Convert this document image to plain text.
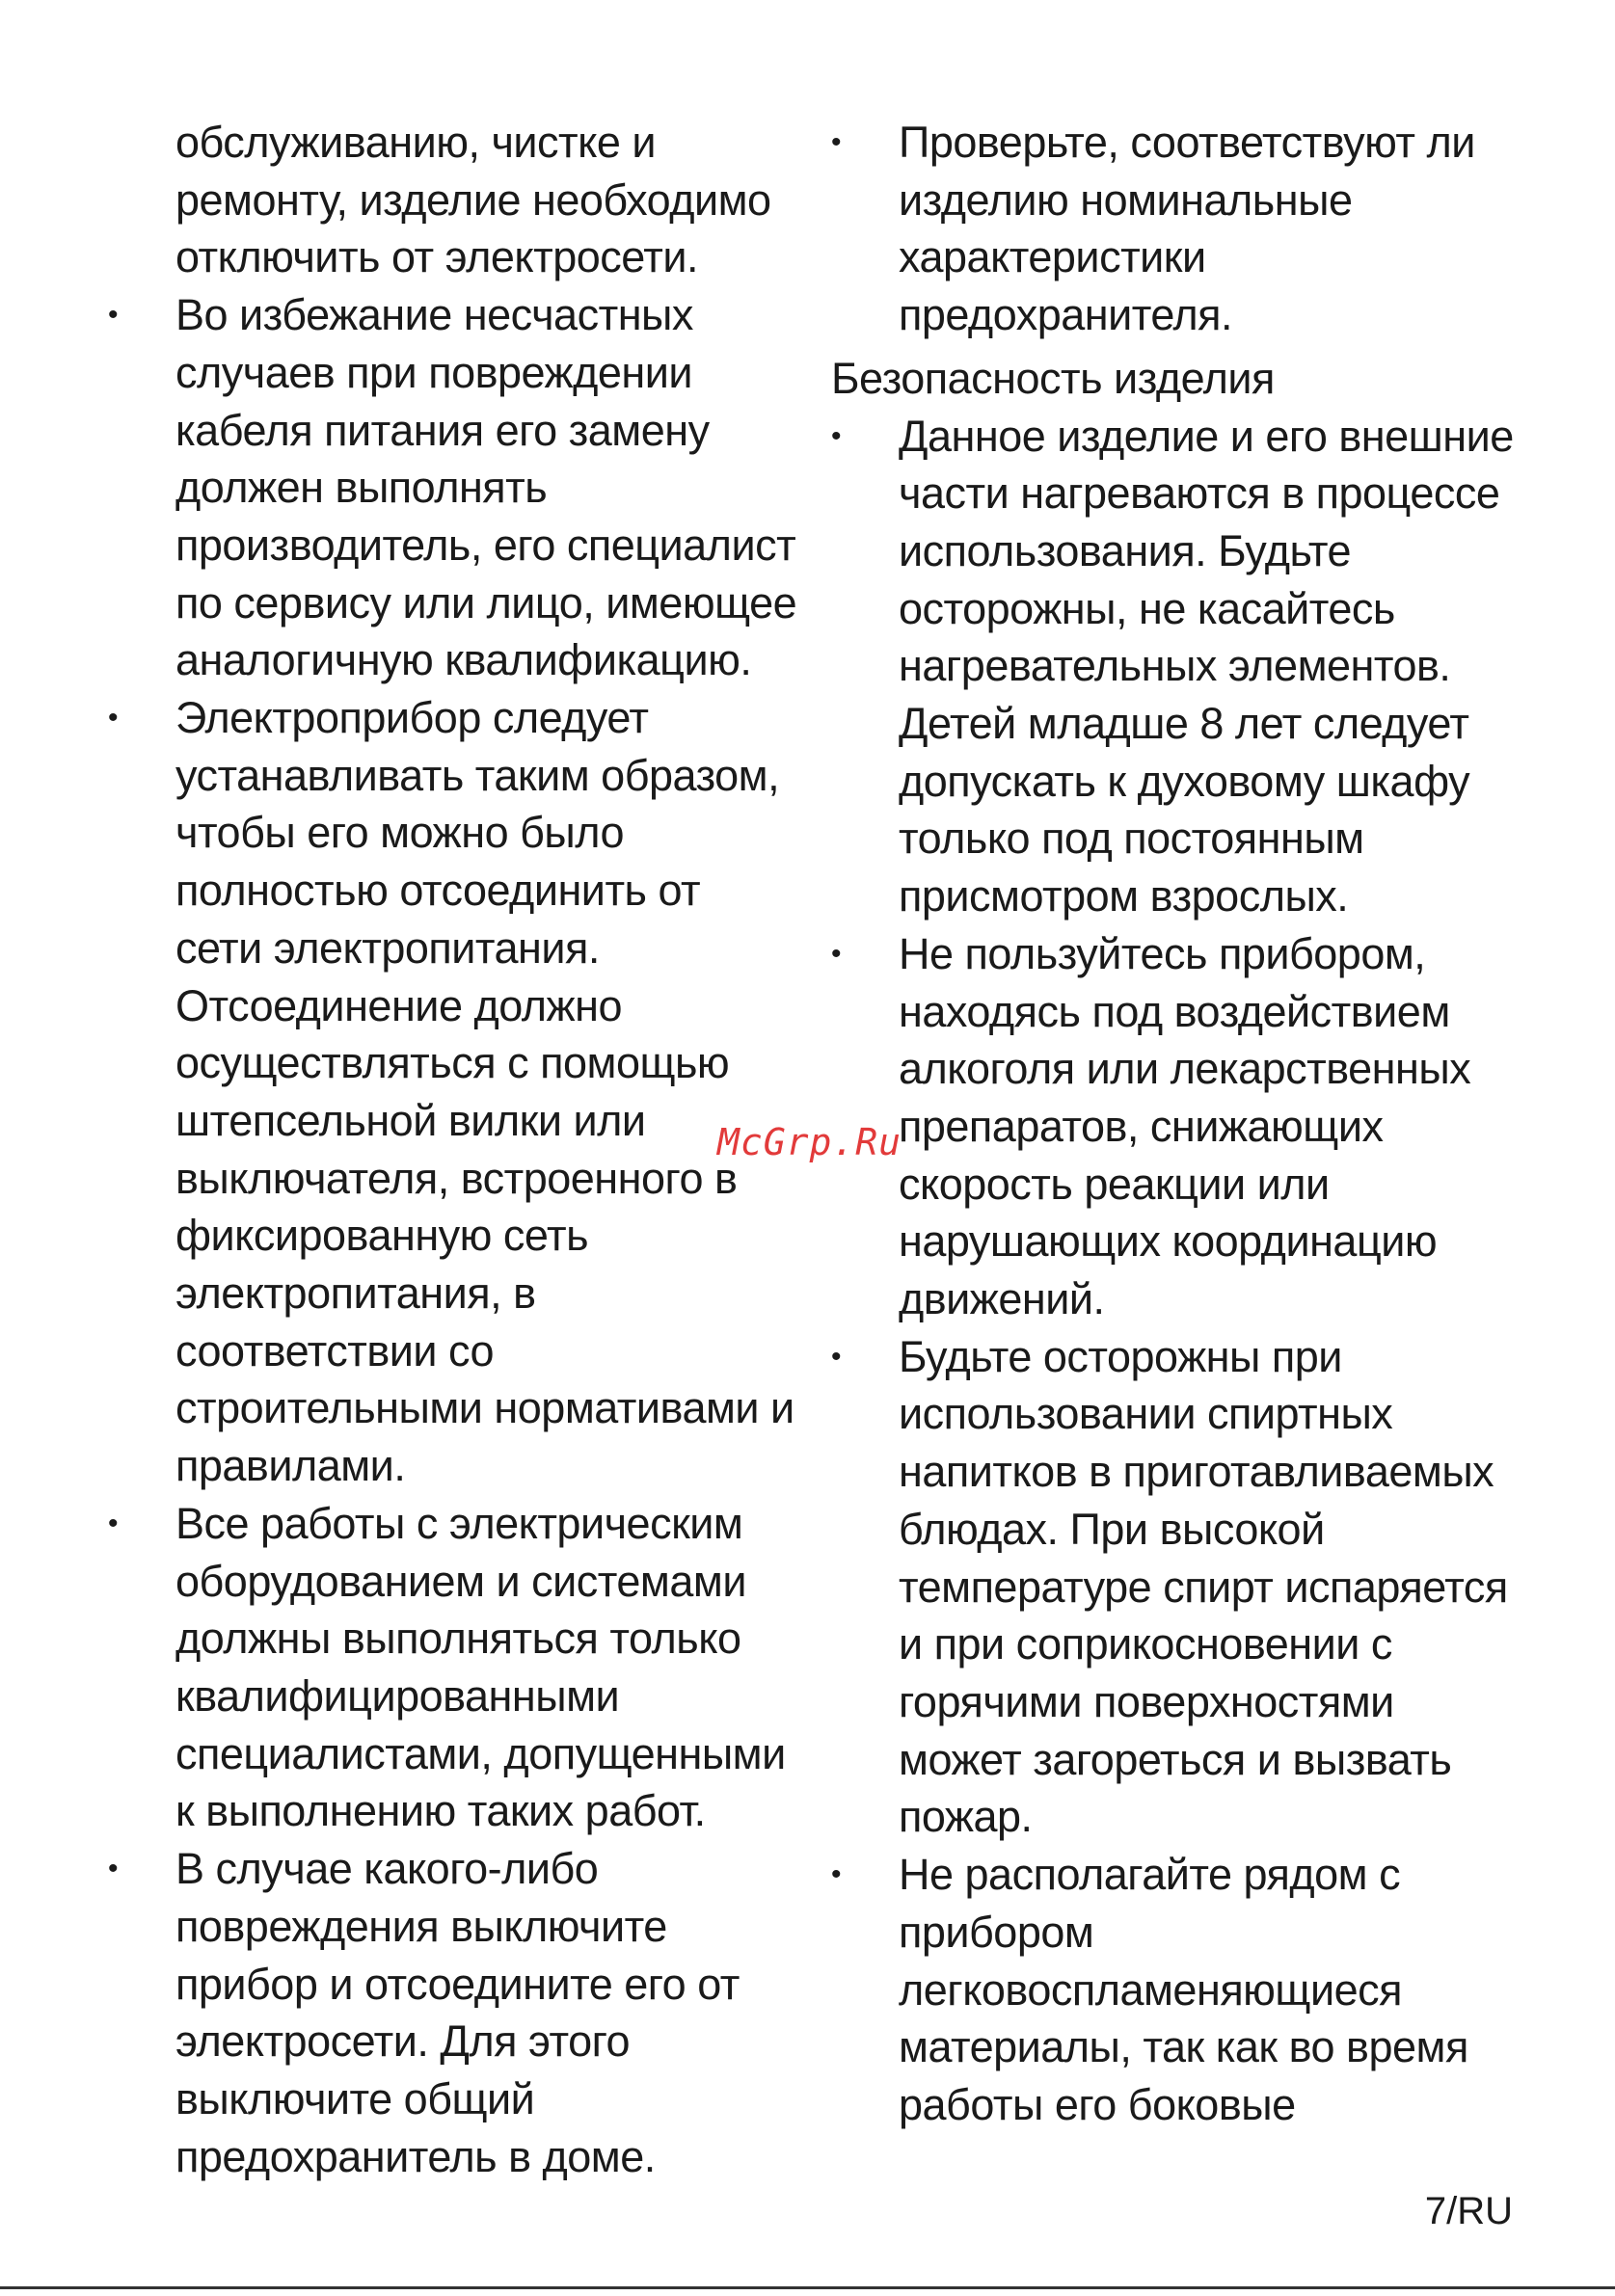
обслуживанию, чистке и
ремонту, изделие необходимо
отключить от электросети.
•	Во избежание несчастных
случаев при повреждении
кабеля питания его замену
должен выполнять
производитель, его специалист
по сервису или лицо, имеющее
аналогичную квалификацию.
•	Электроприбор следует
устанавливать таким образом,
чтобы его можно было
полностью отсоединить от
сети электропитания.
Отсоединение должно
осуществляться с помощью
штепсельной вилки или
выключателя, встроенного в
фиксированную сеть
электропитания, в
соответствии со
строительными нормативами и
правилами.
•	Все работы с электрическим
оборудованием и системами
должны выполняться только
квалифицированными
специалистами, допущенными
к выполнению таких работ.
•	В случае какого-либо
повреждения выключите
прибор и отсоедините его от
электросети. Для этого
выключите общий
предохранитель в доме.
•	Проверьте, соответствуют ли
изделию номинальные
характеристики
предохранителя.
Безопасность изделия
•	Данное изделие и его внешние
части нагреваются в процессе
использования. Будьте
осторожны, не касайтесь
нагревательных элементов.
Детей младше 8 лет следует
допускать к духовому шкафу
только под постоянным
присмотром взрослых.
•	Не пользуйтесь прибором,
находясь под воздействием
алкоголя или лекарственных
препаратов, снижающих
скорость реакции или
нарушающих координацию
движений.
•	Будьте осторожны при
использовании спиртных
напитков в приготавливаемых
блюдах. При высокой
температуре спирт испаряется
и при соприкосновении с
горячими поверхностями
может загореться и вызвать
пожар.
•	Не располагайте рядом с
прибором
легковоспламеняющиеся
материалы, так как во время
работы его боковые
McGrp.Ru
7/RU
